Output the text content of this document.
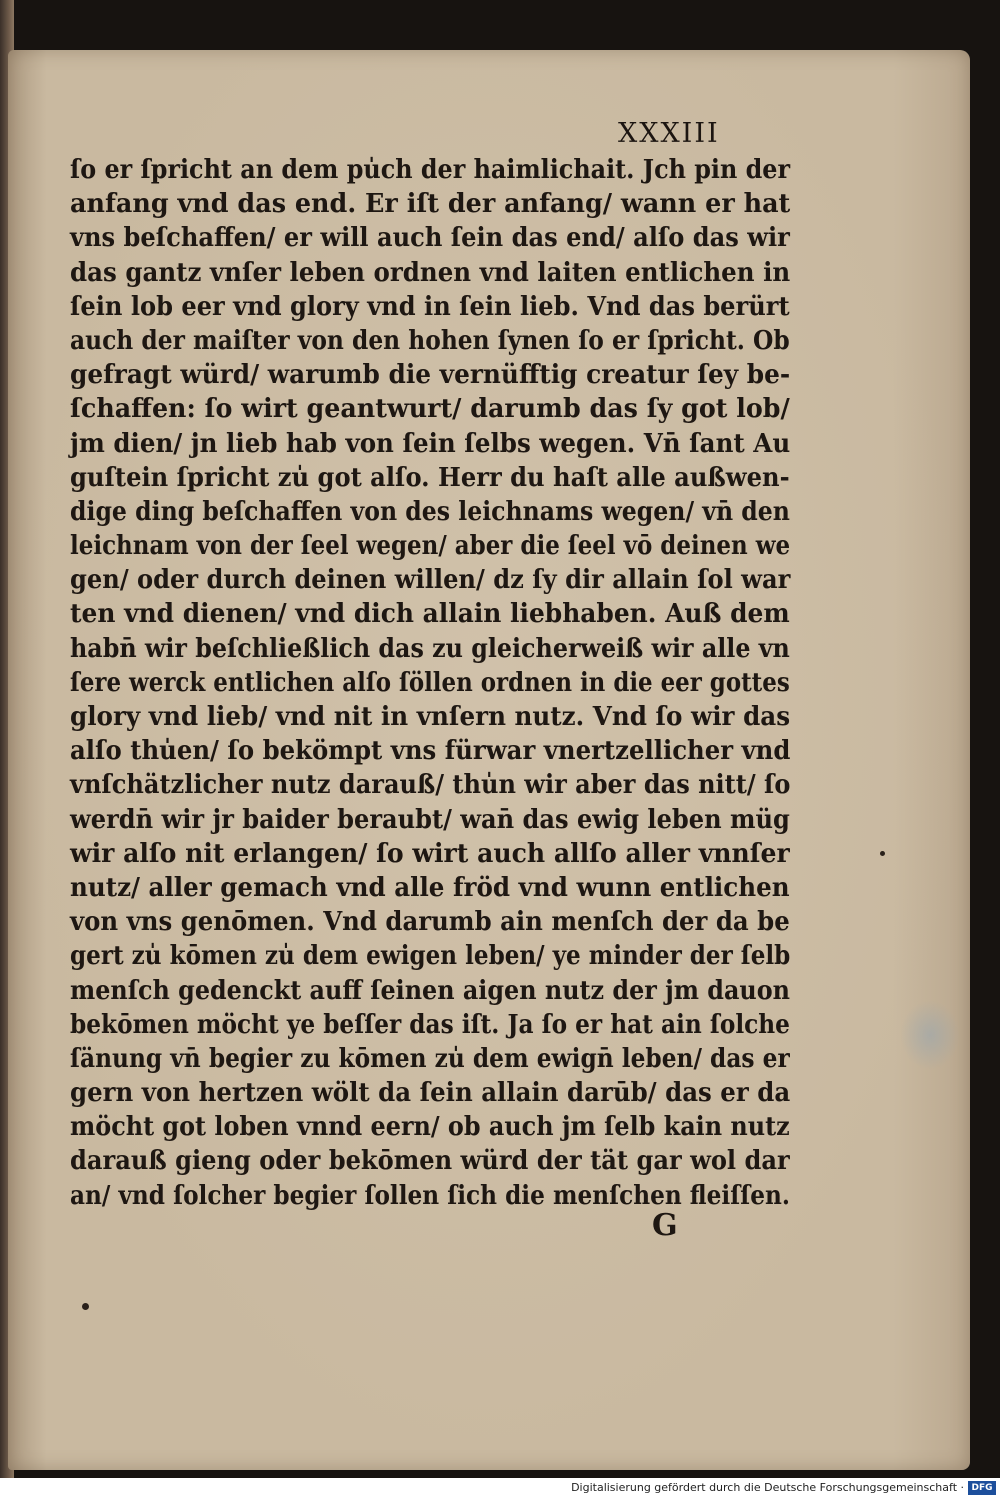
XXXIII
ſo er ſpricht an dem pu̍ch der haimlichait. Jch pin der
anfang vnd das end. Er iſt der anfang/ wann er hat
vns beſchaffen/ er will auch ſein das end/ alſo das wir
das gantz vnſer leben ordnen vnd laiten entlichen in
ſein lob eer vnd glory vnd in ſein lieb. Vnd das berürt
auch der maiſter von den hohen ſynen ſo er ſpricht. Ob
gefragt würd/ warumb die vernüfftig creatur ſey be-
ſchaffen: ſo wirt geantwurt/ darumb das ſy got lob/
jm dien/ jn lieb hab von ſein ſelbs wegen. Vn̄ ſant Au
guſtein ſpricht zu̍ got alſo. Herr du haſt alle außwen-
dige ding beſchaffen von des leichnams wegen/ vn̄ den
leichnam von der ſeel wegen/ aber die ſeel vō deinen we
gen/ oder durch deinen willen/ dz ſy dir allain ſol war
ten vnd dienen/ vnd dich allain liebhaben. Auß dem
habn̄ wir beſchließlich das zu gleicherweiß wir alle vn
ſere werck entlichen alſo ſöllen ordnen in die eer gottes
glory vnd lieb/ vnd nit in vnſern nutz. Vnd ſo wir das
alſo thu̍en/ ſo bekömpt vns fürwar vnertzellicher vnd
vnſchätzlicher nutz darauß/ thu̍n wir aber das nitt/ ſo
werdn̄ wir jr baider beraubt/ wan̄ das ewig leben müg
wir alſo nit erlangen/ ſo wirt auch allſo aller vnnſer
nutz/ aller gemach vnd alle fröd vnd wunn entlichen
von vns genōmen. Vnd darumb ain menſch der da be
gert zu̍ kōmen zu̍ dem ewigen leben/ ye minder der ſelb
menſch gedenckt auff ſeinen aigen nutz der jm dauon
bekōmen möcht ye beſſer das iſt. Ja ſo er hat ain ſolche
ſänung vn̄ begier zu kōmen zu̍ dem ewign̄ leben/ das er
gern von hertzen wölt da ſein allain darūb/ das er da
möcht got loben vnnd eern/ ob auch jm ſelb kain nutz
darauß gieng oder bekōmen würd der tät gar wol dar
an/ vnd ſolcher begier ſollen ſich die menſchen fleiſſen.
G
Digitalisierung gefördert durch die Deutsche Forschungsgemeinschaft · DFG
